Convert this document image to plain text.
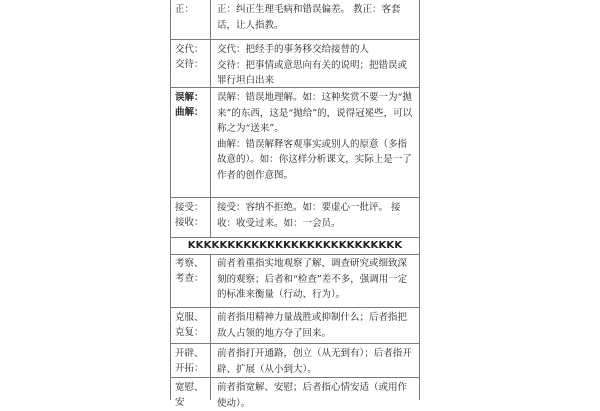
正：	正：纠正生理毛病和错误偏差。 教正：客套话，让人指教。

交代：交待：

交代：把经手的事务移交给接替的人

交待：把事情或意思向有关的说明；把错误或罪行坦白出来

误解：曲解：

误解：错误地理解。如：这种奖赏不要一为“抛来”的东西，这是“抛给”的，说得冠冕些，可以称之为“送来”。

曲解：错误解释客观事实或别人的原意（多指故意的）。如：你这样分析课文，实际上是一了作者的创作意图。

接受：接收：

接受：容纳不拒绝。如：要虚心一批评。 接收：收受过来。如：一会员。

KKKKKKKKKKKKKKKKKKKKKKKKKKK
考察、考查：

前者着重指实地观察了解，调查研究或细致深刻的观察；后者和“检查”差不多，强调用一定的标准来衡量（行动、行为）。

克服、克复：

前者指用精神力量战胜或抑制什么；后者指把敌人占领的地方夺了回来。

开辟、开拓：

前者指打开通路，创立（从无到有）；后者指开辟、扩展（从小到大）。

宽慰、安

前者指宽解、安慰；后者指心情安适（或用作使动）。
